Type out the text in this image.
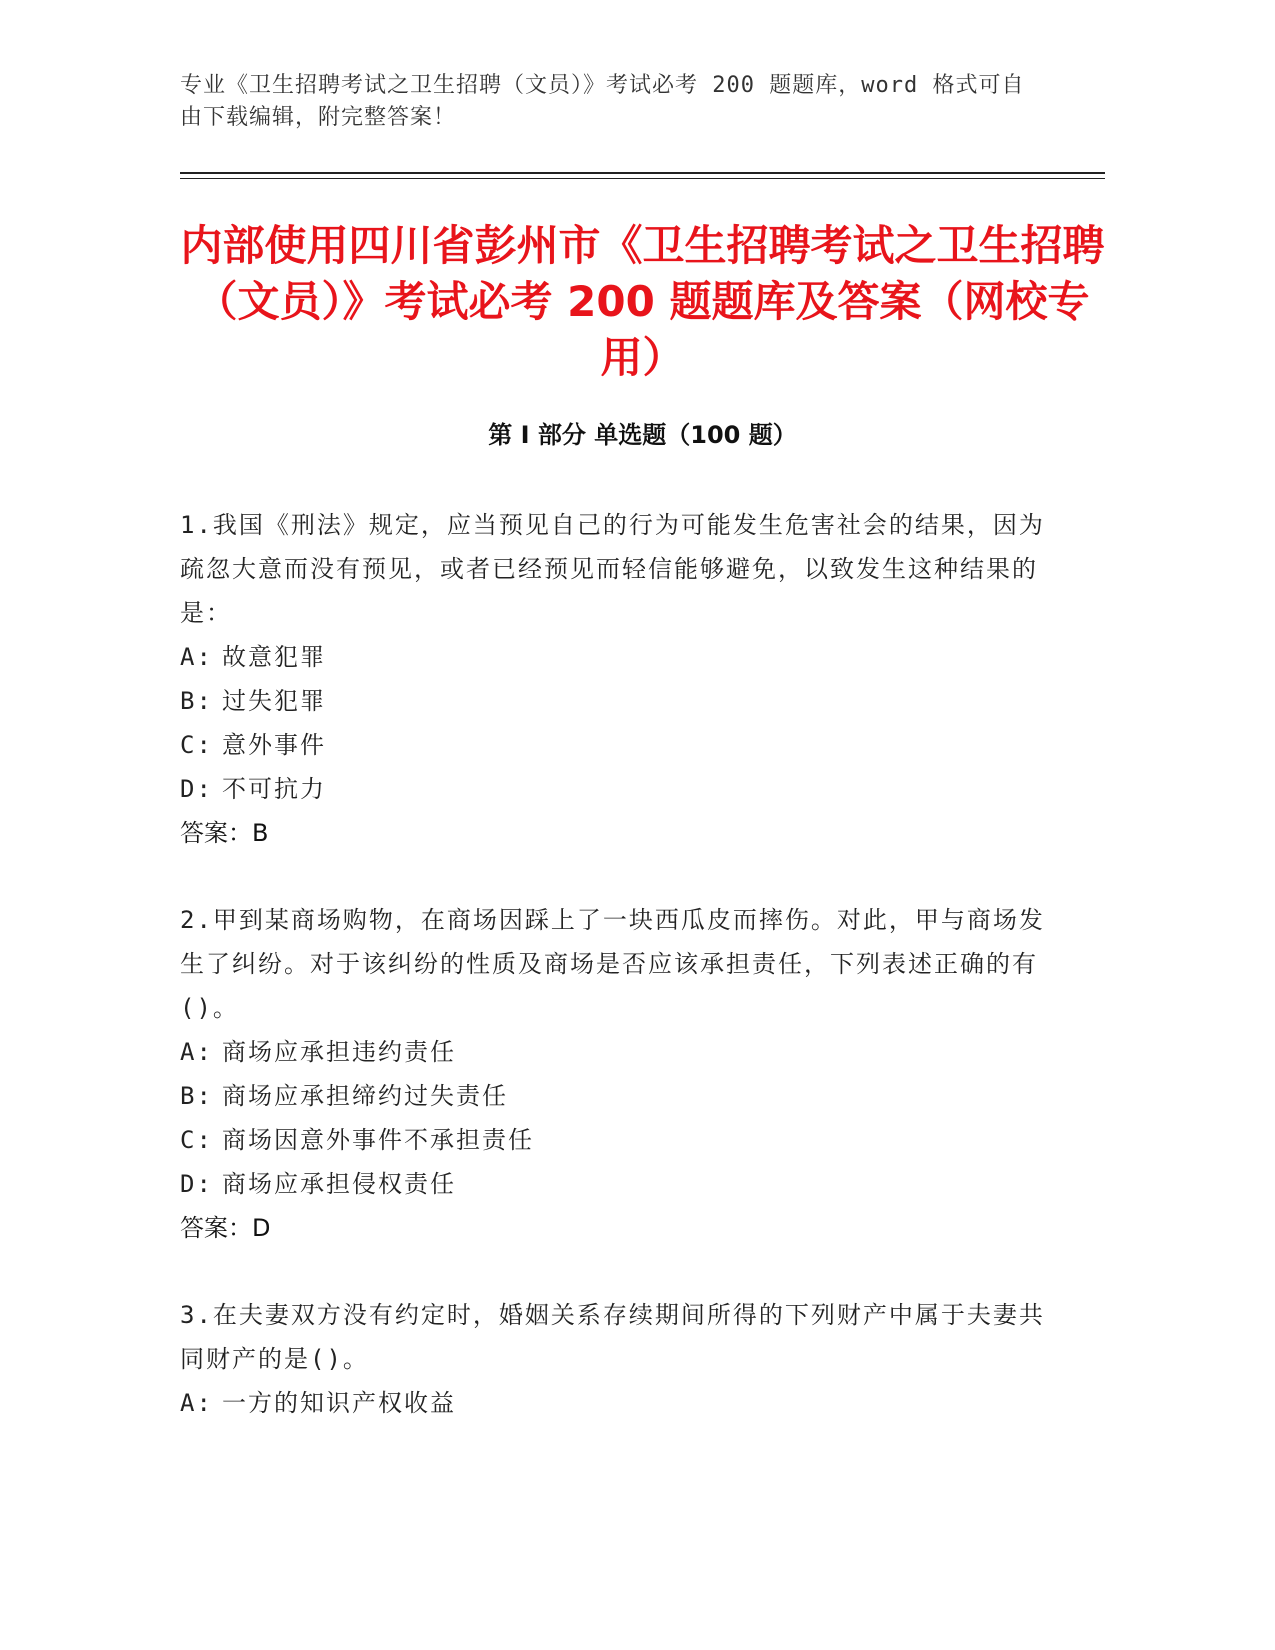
专业《卫生招聘考试之卫生招聘（文员）》考试必考 200 题题库，word 格式可自由下载编辑，附完整答案！
内部使用四川省彭州市《卫生招聘考试之卫生招聘（文员）》考试必考 200 题题库及答案（网校专用）
第 I 部分 单选题（100 题）
1.我国《刑法》规定，应当预见自己的行为可能发生危害社会的结果，因为疏忽大意而没有预见，或者已经预见而轻信能够避免，以致发生这种结果的是：
A: 故意犯罪
B: 过失犯罪
C: 意外事件
D: 不可抗力
答案：B
2.甲到某商场购物，在商场因踩上了一块西瓜皮而摔伤。对此，甲与商场发生了纠纷。对于该纠纷的性质及商场是否应该承担责任，下列表述正确的有()。
A: 商场应承担违约责任
B: 商场应承担缔约过失责任
C: 商场因意外事件不承担责任
D: 商场应承担侵权责任
答案：D
3.在夫妻双方没有约定时，婚姻关系存续期间所得的下列财产中属于夫妻共同财产的是()。
A: 一方的知识产权收益
